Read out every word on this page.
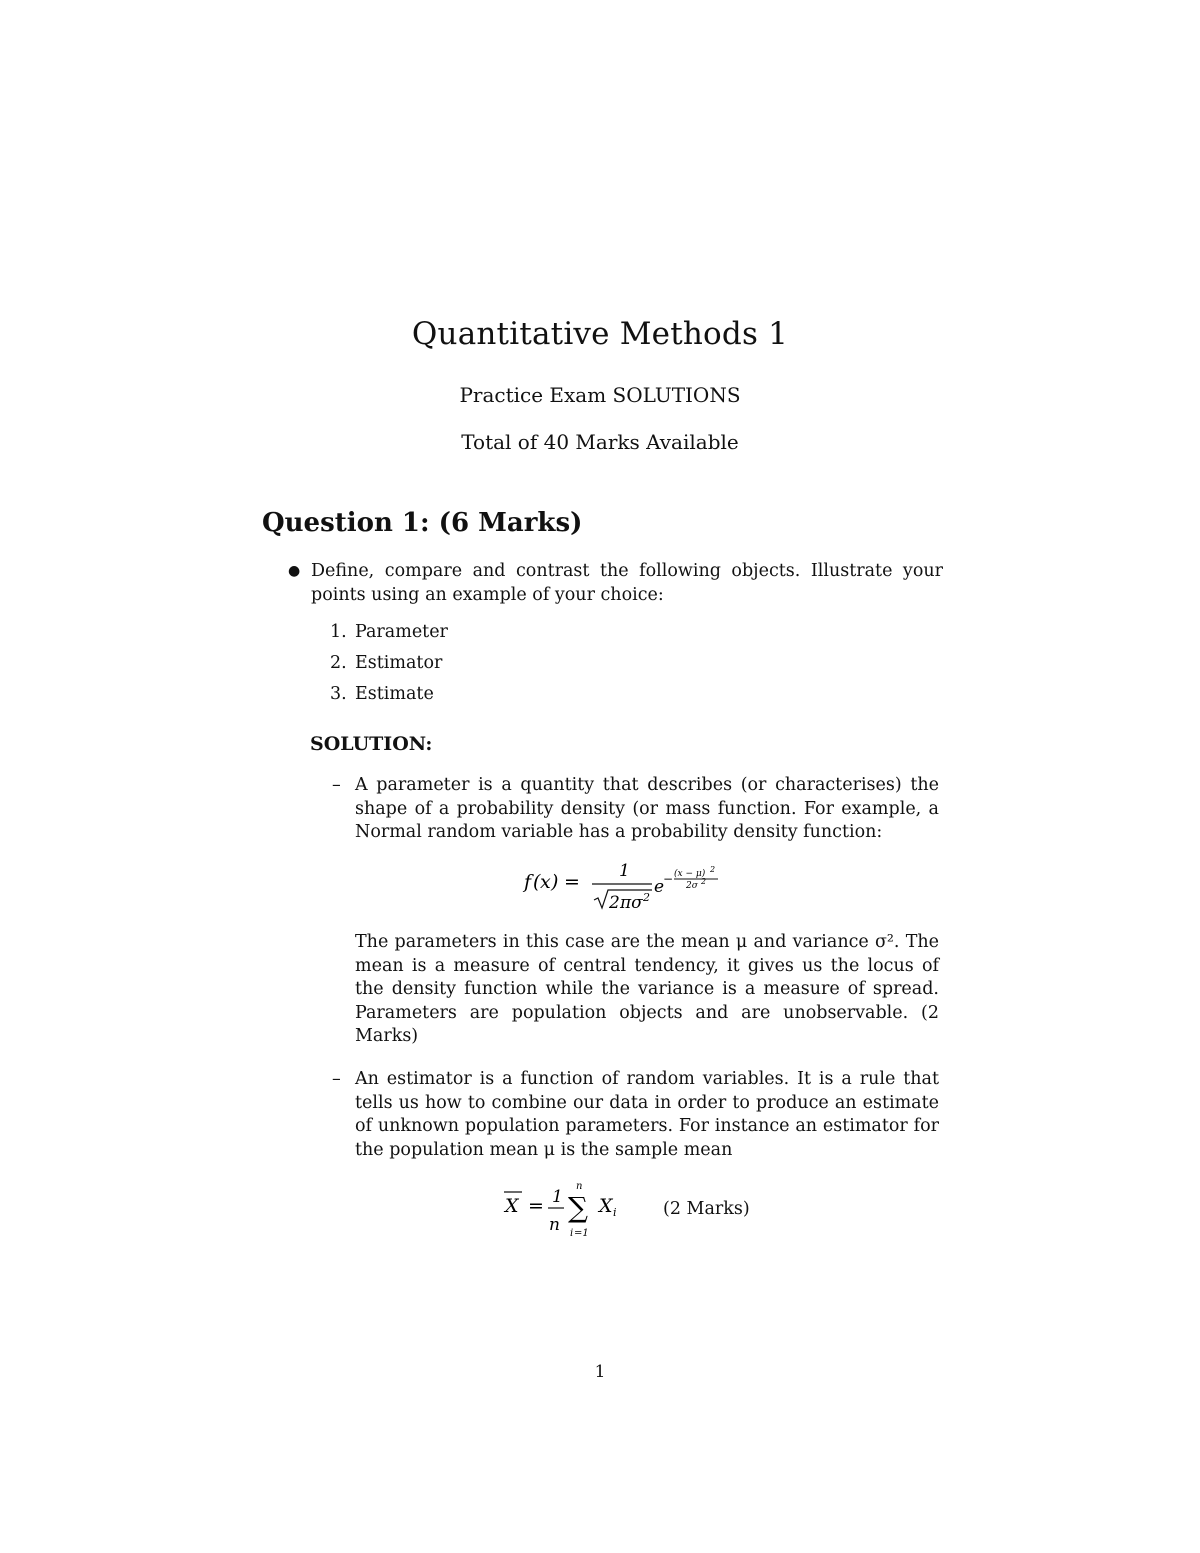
Quantitative Methods 1
Practice Exam SOLUTIONS
Total of 40 Marks Available
Question 1: (6 Marks)
● Define, compare and contrast the following objects. Illustrate your points using an example of your choice:
1. Parameter
2. Estimator
3. Estimate
SOLUTION:
– A parameter is a quantity that describes (or characterises) the shape of a probability density (or mass function. For example, a Normal random variable has a probability density function:
f ( x ) = 1
2 πσ 2
e
− (x − μ) 2
2σ 2
The parameters in this case are the mean μ and variance σ². The mean is a measure of central tendency, it gives us the locus of the density function while the variance is a measure of spread. Parameters are population objects and are unobservable. (2 Marks)
– An estimator is a function of random variables. It is a rule that tells us how to combine our data in order to produce an estimate of unknown population parameters. For instance an estimator for the population mean μ is the sample mean
X = 1
n
n
∑
i =1
X i	(2 Marks)
1
